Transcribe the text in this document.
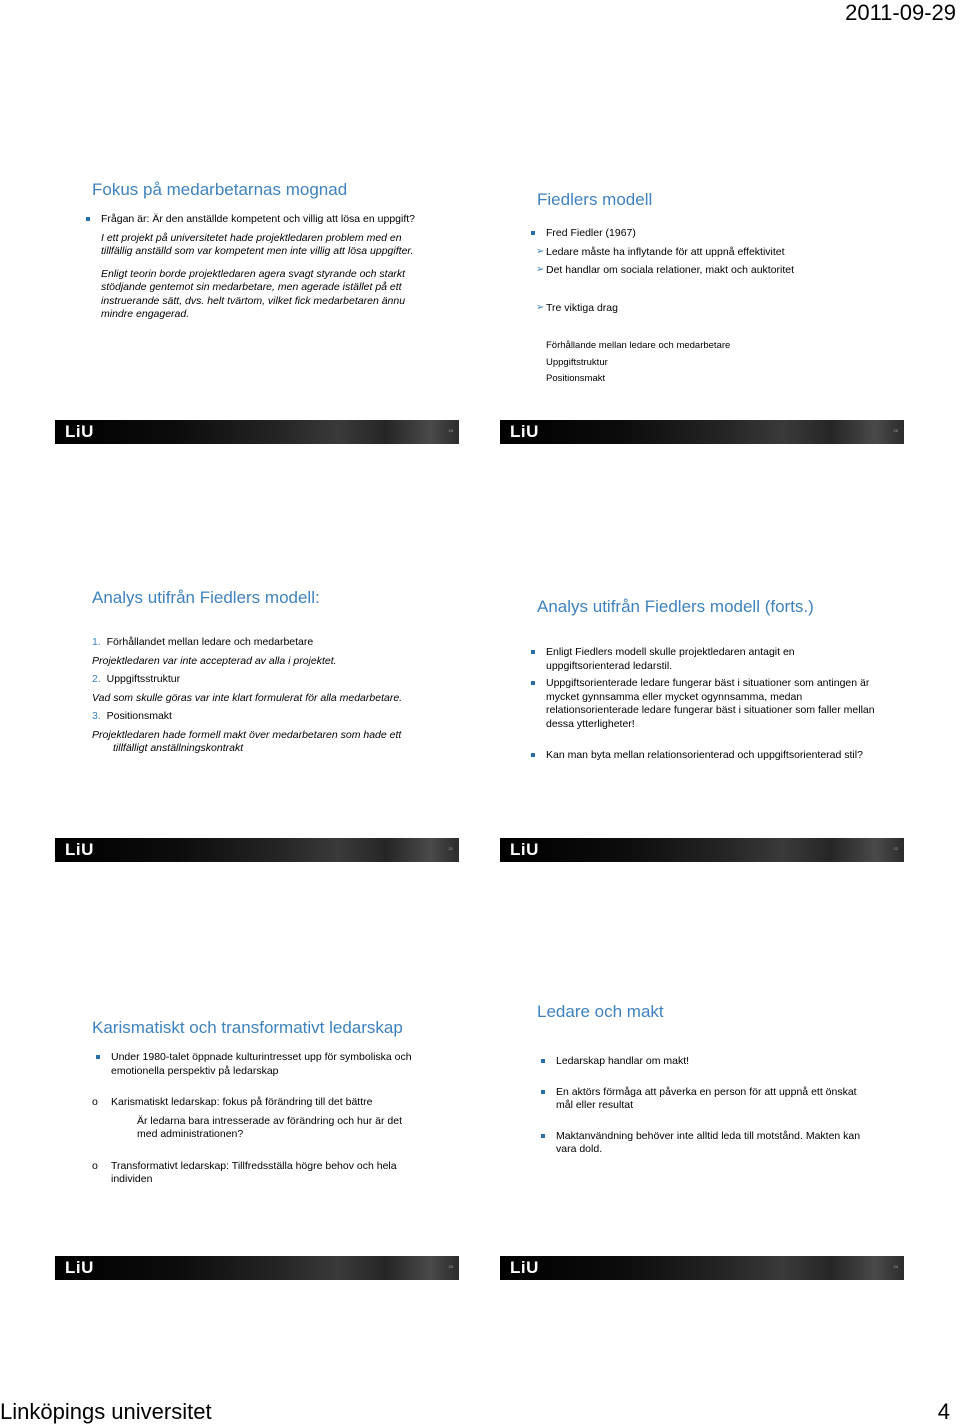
2011-09-29
Fokus på medarbetarnas mognad

Frågan är: Är den anställde kompetent och villig att lösa en uppgift?

I ett projekt på universitetet hade projektledaren problem med en tillfällig anställd som var kompetent men inte villig att lösa uppgifter.

Enligt teorin borde projektledaren agera svagt styrande och starkt stödjande gentemot sin medarbetare, men agerade istället på ett instruerande sätt, dvs. helt tvärtom, vilket fick medarbetaren ännu mindre engagerad.

LiU	19
Fiedlers modell

Fred Fiedler (1967)

➢ Ledare måste ha inflytande för att uppnå effektivitet

➢ Det handlar om sociala relationer, makt och auktoritet

➢ Tre viktiga drag

Förhållande mellan ledare och medarbetare

Uppgiftstruktur

Positionsmakt

LiU	20
Analys utifrån Fiedlers modell:

1. Förhållandet mellan ledare och medarbetare

Projektledaren var inte accepterad av alla i projektet.

2. Uppgiftsstruktur

Vad som skulle göras var inte klart formulerat för alla medarbetare.

3. Positionsmakt

Projektledaren hade formell makt över medarbetaren som hade ett

tillfälligt anställningskontrakt

LiU	21
Analys utifrån Fiedlers modell (forts.)

Enligt Fiedlers modell skulle projektledaren antagit en uppgiftsorienterad ledarstil.

Uppgiftsorienterade ledare fungerar bäst i situationer som antingen är mycket gynnsamma eller mycket ogynnsamma, medan relationsorienterade ledare fungerar bäst i situationer som faller mellan dessa ytterligheter!

Kan man byta mellan relationsorienterad och uppgiftsorienterad stil?

LiU	22
Karismatiskt och transformativt ledarskap

Under 1980-talet öppnade kulturintresset upp för symboliska och emotionella perspektiv på ledarskap

o Karismatiskt ledarskap: fokus på förändring till det bättre

Är ledarna bara intresserade av förändring och hur är det med administrationen?

o Transformativt ledarskap: Tillfredsställa högre behov och hela individen

LiU	23
Ledare och makt

Ledarskap handlar om makt!

En aktörs förmåga att påverka en person för att uppnå ett önskat mål eller resultat

Maktanvändning behöver inte alltid leda till motstånd. Makten kan vara dold.

LiU	24
Linköpings universitet	4
